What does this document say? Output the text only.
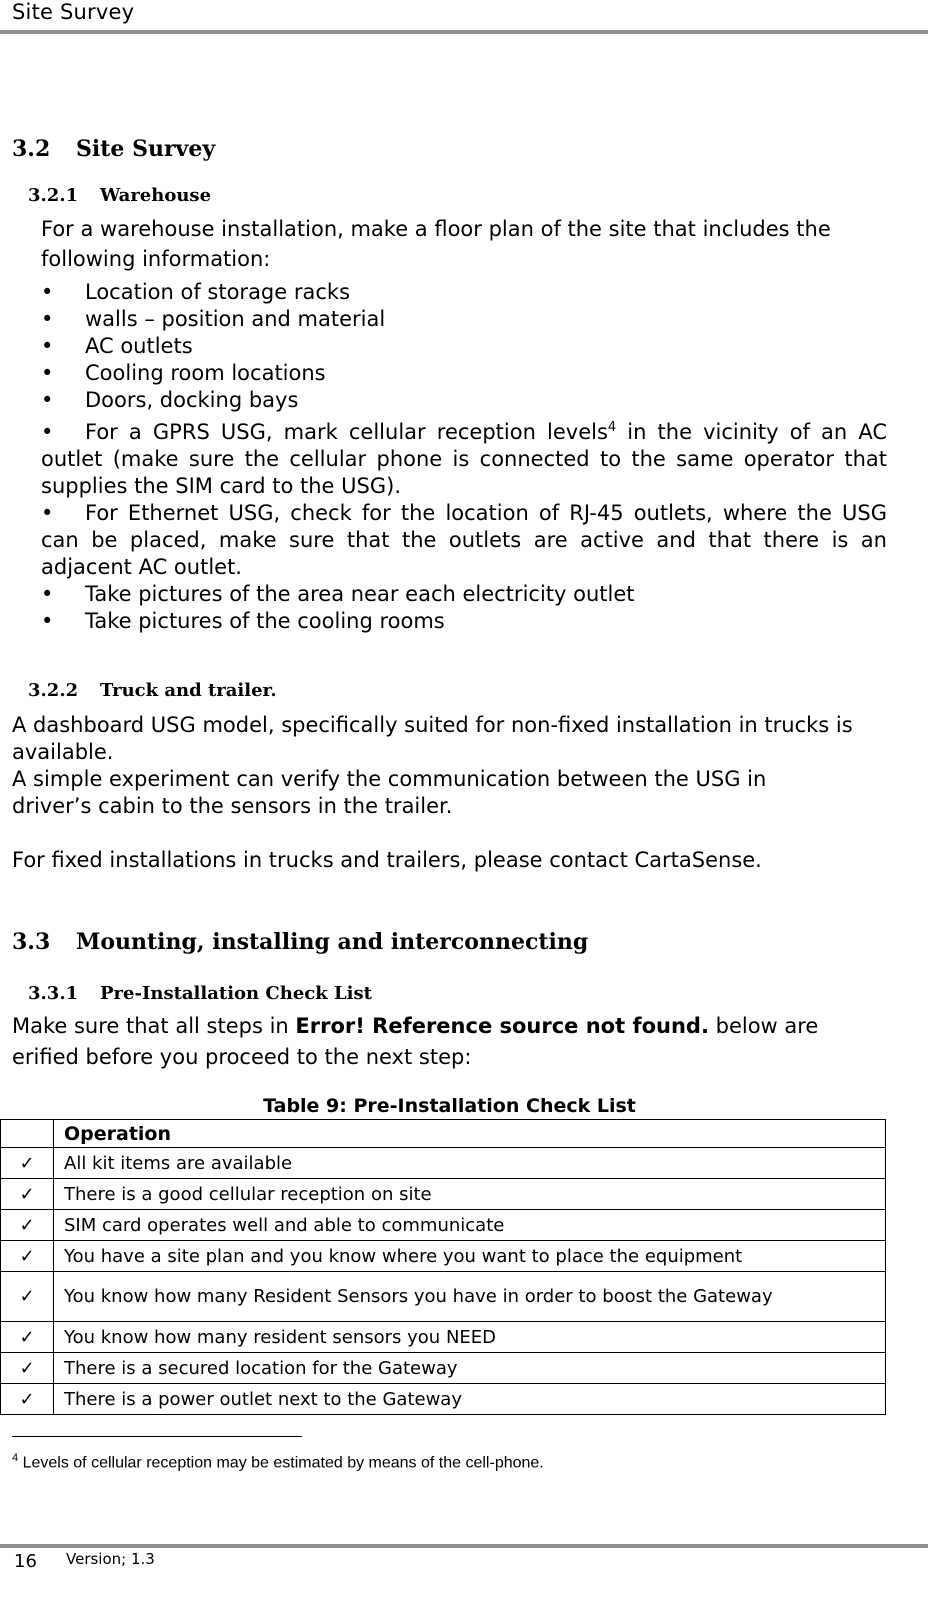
Site Survey
3.2 Site Survey
3.2.1 Warehouse
For a warehouse installation, make a floor plan of the site that includes the
following information:
• Location of storage racks
• walls – position and material
• AC outlets
• Cooling room locations
• Doors, docking bays
• For a GPRS USG, mark cellular reception levels$^4$ in the vicinity of an AC outlet (make sure the cellular phone is connected to the same operator that supplies the SIM card to the USG).
• For Ethernet USG, check for the location of RJ-45 outlets, where the USG can be placed, make sure that the outlets are active and that there is an adjacent AC outlet.
• Take pictures of the area near each electricity outlet
• Take pictures of the cooling rooms
3.2.2 Truck and trailer.
A dashboard USG model, specifically suited for non-fixed installation in trucks is available.
A simple experiment can verify the communication between the USG in driver’s cabin to the sensors in the trailer.
For fixed installations in trucks and trailers, please contact CartaSense.
3.3 Mounting, installing and interconnecting
3.3.1 Pre-Installation Check List
Make sure that all steps in Error! Reference source not found. below are
erified before you proceed to the next step:
Table 9: Pre-Installation Check List
	Operation
✓	All kit items are available
✓	There is a good cellular reception on site
✓	SIM card operates well and able to communicate
✓	You have a site plan and you know where you want to place the equipment
✓	You know how many Resident Sensors you have in order to boost the Gateway
✓	You know how many resident sensors you NEED
✓	There is a secured location for the Gateway
✓	There is a power outlet next to the Gateway
$^4$ Levels of cellular reception may be estimated by means of the cell-phone.
16 Version; 1.3
